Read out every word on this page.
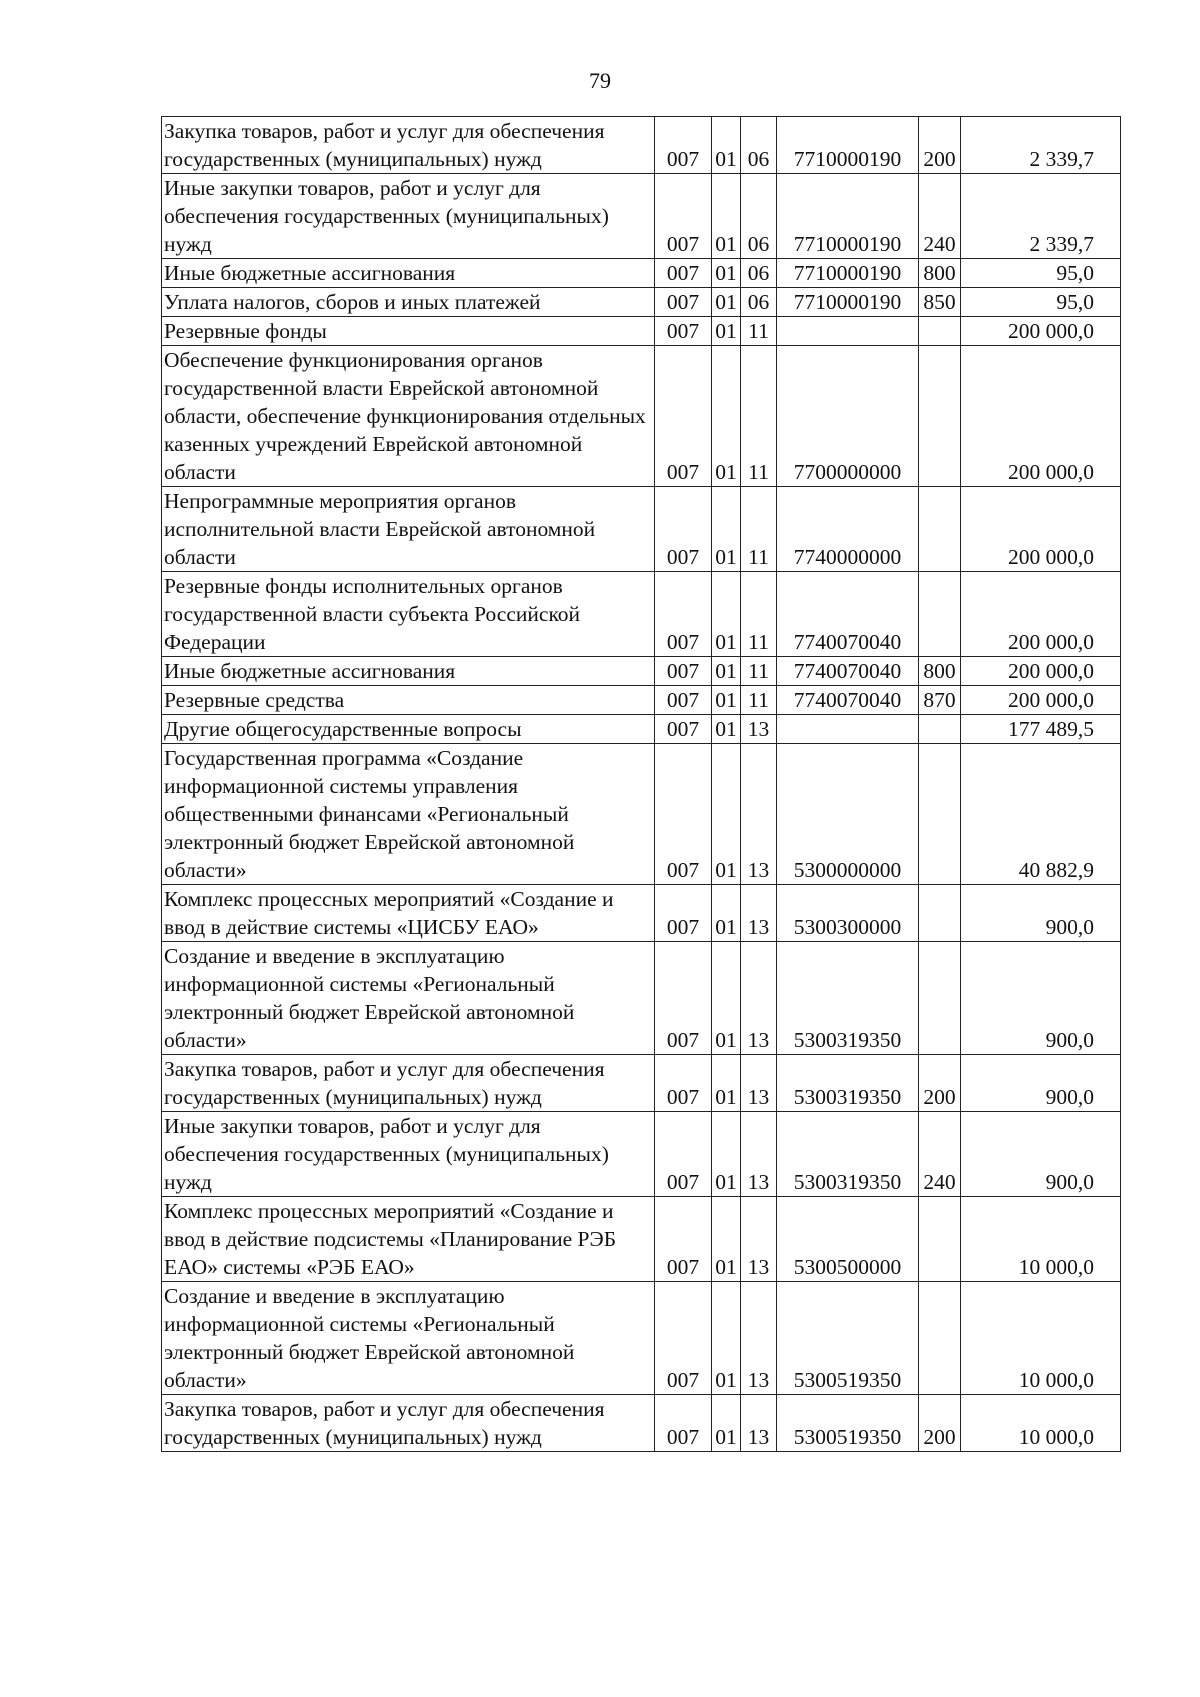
79
Закупка товаров, работ и услуг для обеспечения государственных (муниципальных) нужд	007	01	06	7710000190	200	2 339,7
Иные закупки товаров, работ и услуг для обеспечения государственных (муниципальных) нужд	007	01	06	7710000190	240	2 339,7
Иные бюджетные ассигнования	007	01	06	7710000190	800	95,0
Уплата налогов, сборов и иных платежей	007	01	06	7710000190	850	95,0
Резервные фонды	007	01	11			200 000,0
Обеспечение функционирования органов государственной власти Еврейской автономной области, обеспечение функционирования отдельных казенных учреждений Еврейской автономной области	007	01	11	7700000000		200 000,0
Непрограммные мероприятия органов исполнительной власти Еврейской автономной области	007	01	11	7740000000		200 000,0
Резервные фонды исполнительных органов государственной власти субъекта Российской Федерации	007	01	11	7740070040		200 000,0
Иные бюджетные ассигнования	007	01	11	7740070040	800	200 000,0
Резервные средства	007	01	11	7740070040	870	200 000,0
Другие общегосударственные вопросы	007	01	13			177 489,5
Государственная программа «Создание информационной системы управления общественными финансами «Региональный электронный бюджет Еврейской автономной области»	007	01	13	5300000000		40 882,9
Комплекс процессных мероприятий «Создание и ввод в действие системы «ЦИСБУ ЕАО»	007	01	13	5300300000		900,0
Создание и введение в эксплуатацию информационной системы «Региональный электронный бюджет Еврейской автономной области»	007	01	13	5300319350		900,0
Закупка товаров, работ и услуг для обеспечения государственных (муниципальных) нужд	007	01	13	5300319350	200	900,0
Иные закупки товаров, работ и услуг для обеспечения государственных (муниципальных) нужд	007	01	13	5300319350	240	900,0
Комплекс процессных мероприятий «Создание и ввод в действие подсистемы «Планирование РЭБ ЕАО» системы «РЭБ ЕАО»	007	01	13	5300500000		10 000,0
Создание и введение в эксплуатацию информационной системы «Региональный электронный бюджет Еврейской автономной области»	007	01	13	5300519350		10 000,0
Закупка товаров, работ и услуг для обеспечения государственных (муниципальных) нужд	007	01	13	5300519350	200	10 000,0
